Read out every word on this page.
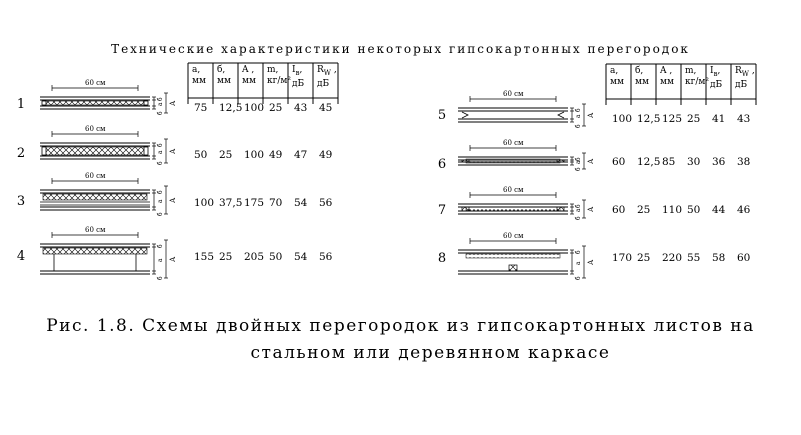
Технические характеристики некоторых гипсокартонных перегородок
60 см
б
а
б
А
60 см
б
а
б
А
60 см
б
а
б
А
60 см
б
а
б
А
60 см
б
а
б
А
60 см
б
а
б
А
60 см
б
а
б
А
60 см
б
а
б
А
a,
мм
б,
мм
A ,
мм
m,
кг/м²
$I_в$,
дБ
$R_W$ ,
дБ
a,
мм
б,
мм
A ,
мм
m,
кг/м²
$I_в$,
дБ
$R_W$ ,
дБ
75 12,5 100 25 43 45
50 25 100 49 47 49
100 37,5 175 70 54 56
155 25 205 50 54 56
100 12,5 125 25 41 43
60 12,5 85 30 36 38
60 25 110 50 44 46
170 25 220 55 58 60
Рис. 1.8. Схемы двойных перегородок из гипсокартонных листов на
стальном или деревянном каркасе
1
2
3
4
5
6
7
8
